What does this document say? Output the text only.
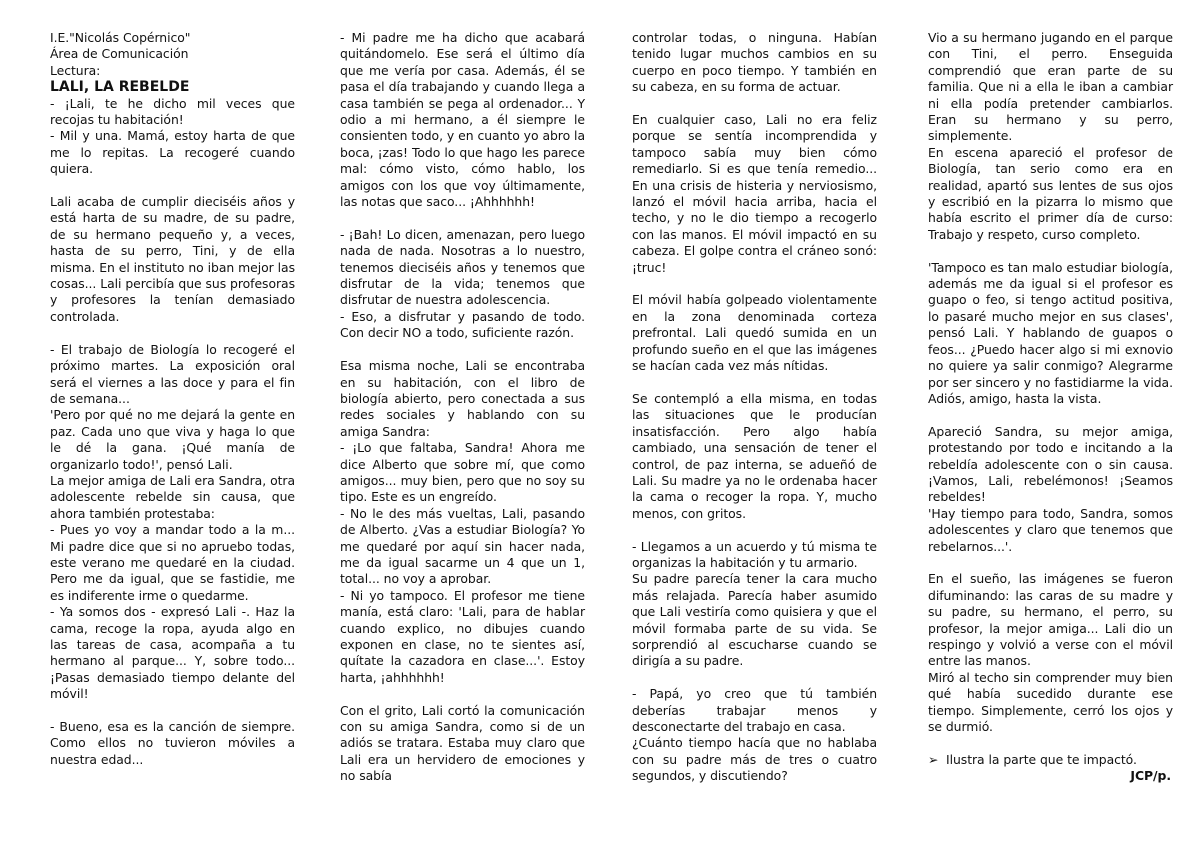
I.E."Nicolás Copérnico"

Área de Comunicación

Lectura:

LALI, LA REBELDE

- ¡Lali, te he dicho mil veces que recojas tu habitación!

- Mil y una. Mamá, estoy harta de que me lo repitas. La recogeré cuando quiera.

Lali acaba de cumplir dieciséis años y está harta de su madre, de su padre, de su hermano pequeño y, a veces, hasta de su perro, Tini, y de ella misma. En el instituto no iban mejor las cosas... Lali percibía que sus profesoras y profesores la tenían demasiado controlada.

- El trabajo de Biología lo recogeré el próximo martes. La exposición oral será el viernes a las doce y para el fin de semana...

'Pero por qué no me dejará la gente en paz. Cada uno que viva y haga lo que le dé la gana. ¡Qué manía de organizarlo todo!', pensó Lali.

La mejor amiga de Lali era Sandra, otra adolescente rebelde sin causa, que ahora también protestaba:

- Pues yo voy a mandar todo a la m... Mi padre dice que si no apruebo todas, este verano me quedaré en la ciudad. Pero me da igual, que se fastidie, me es indiferente irme o quedarme.

- Ya somos dos - expresó Lali -. Haz la cama, recoge la ropa, ayuda algo en las tareas de casa, acompaña a tu hermano al parque... Y, sobre todo... ¡Pasas demasiado tiempo delante del móvil!

- Bueno, esa es la canción de siempre. Como ellos no tuvieron móviles a nuestra edad...

- Mi padre me ha dicho que acabará quitándomelo. Ese será el último día que me vería por casa. Además, él se pasa el día trabajando y cuando llega a casa también se pega al ordenador... Y odio a mi hermano, a él siempre le consienten todo, y en cuanto yo abro la boca, ¡zas! Todo lo que hago les parece mal: cómo visto, cómo hablo, los amigos con los que voy últimamente, las notas que saco... ¡Ahhhhhh!

- ¡Bah! Lo dicen, amenazan, pero luego nada de nada. Nosotras a lo nuestro, tenemos dieciséis años y tenemos que disfrutar de la vida; tenemos que disfrutar de nuestra adolescencia.

- Eso, a disfrutar y pasando de todo. Con decir NO a todo, suficiente razón.

Esa misma noche, Lali se encontraba en su habitación, con el libro de biología abierto, pero conectada a sus redes sociales y hablando con su amiga Sandra:

- ¡Lo que faltaba, Sandra! Ahora me dice Alberto que sobre mí, que como amigos... muy bien, pero que no soy su tipo. Este es un engreído.

- No le des más vueltas, Lali, pasando de Alberto. ¿Vas a estudiar Biología? Yo me quedaré por aquí sin hacer nada, me da igual sacarme un 4 que un 1, total... no voy a aprobar.

- Ni yo tampoco. El profesor me tiene manía, está claro: 'Lali, para de hablar cuando explico, no dibujes cuando exponen en clase, no te sientes así, quítate la cazadora en clase...'. Estoy harta, ¡ahhhhhh!

Con el grito, Lali cortó la comunicación con su amiga Sandra, como si de un adiós se tratara. Estaba muy claro que Lali era un hervidero de emociones y no sabía

controlar todas, o ninguna. Habían tenido lugar muchos cambios en su cuerpo en poco tiempo. Y también en su cabeza, en su forma de actuar.

En cualquier caso, Lali no era feliz porque se sentía incomprendida y tampoco sabía muy bien cómo remediarlo. Si es que tenía remedio... En una crisis de histeria y nerviosismo, lanzó el móvil hacia arriba, hacia el techo, y no le dio tiempo a recogerlo con las manos. El móvil impactó en su cabeza. El golpe contra el cráneo sonó: ¡truc!

El móvil había golpeado violentamente en la zona denominada corteza prefrontal. Lali quedó sumida en un profundo sueño en el que las imágenes se hacían cada vez más nítidas.

Se contempló a ella misma, en todas las situaciones que le producían insatisfacción. Pero algo había cambiado, una sensación de tener el control, de paz interna, se adueñó de Lali. Su madre ya no le ordenaba hacer la cama o recoger la ropa. Y, mucho menos, con gritos.

- Llegamos a un acuerdo y tú misma te organizas la habitación y tu armario.

Su padre parecía tener la cara mucho más relajada. Parecía haber asumido que Lali vestiría como quisiera y que el móvil formaba parte de su vida. Se sorprendió al escucharse cuando se dirigía a su padre.

- Papá, yo creo que tú también deberías trabajar menos y desconectarte del trabajo en casa.

¿Cuánto tiempo hacía que no hablaba con su padre más de tres o cuatro segundos, y discutiendo?

Vio a su hermano jugando en el parque con Tini, el perro. Enseguida comprendió que eran parte de su familia. Que ni a ella le iban a cambiar ni ella podía pretender cambiarlos. Eran su hermano y su perro, simplemente.

En escena apareció el profesor de Biología, tan serio como era en realidad, apartó sus lentes de sus ojos y escribió en la pizarra lo mismo que había escrito el primer día de curso: Trabajo y respeto, curso completo.

'Tampoco es tan malo estudiar biología, además me da igual si el profesor es guapo o feo, si tengo actitud positiva, lo pasaré mucho mejor en sus clases', pensó Lali. Y hablando de guapos o feos... ¿Puedo hacer algo si mi exnovio no quiere ya salir conmigo? Alegrarme por ser sincero y no fastidiarme la vida. Adiós, amigo, hasta la vista.

Apareció Sandra, su mejor amiga, protestando por todo e incitando a la rebeldía adolescente con o sin causa. ¡Vamos, Lali, rebelémonos! ¡Seamos rebeldes!

'Hay tiempo para todo, Sandra, somos adolescentes y claro que tenemos que rebelarnos...'.

En el sueño, las imágenes se fueron difuminando: las caras de su madre y su padre, su hermano, el perro, su profesor, la mejor amiga... Lali dio un respingo y volvió a verse con el móvil entre las manos.

Miró al techo sin comprender muy bien qué había sucedido durante ese tiempo. Simplemente, cerró los ojos y se durmió.

➢ Ilustra la parte que te impactó.

JCP/p.
